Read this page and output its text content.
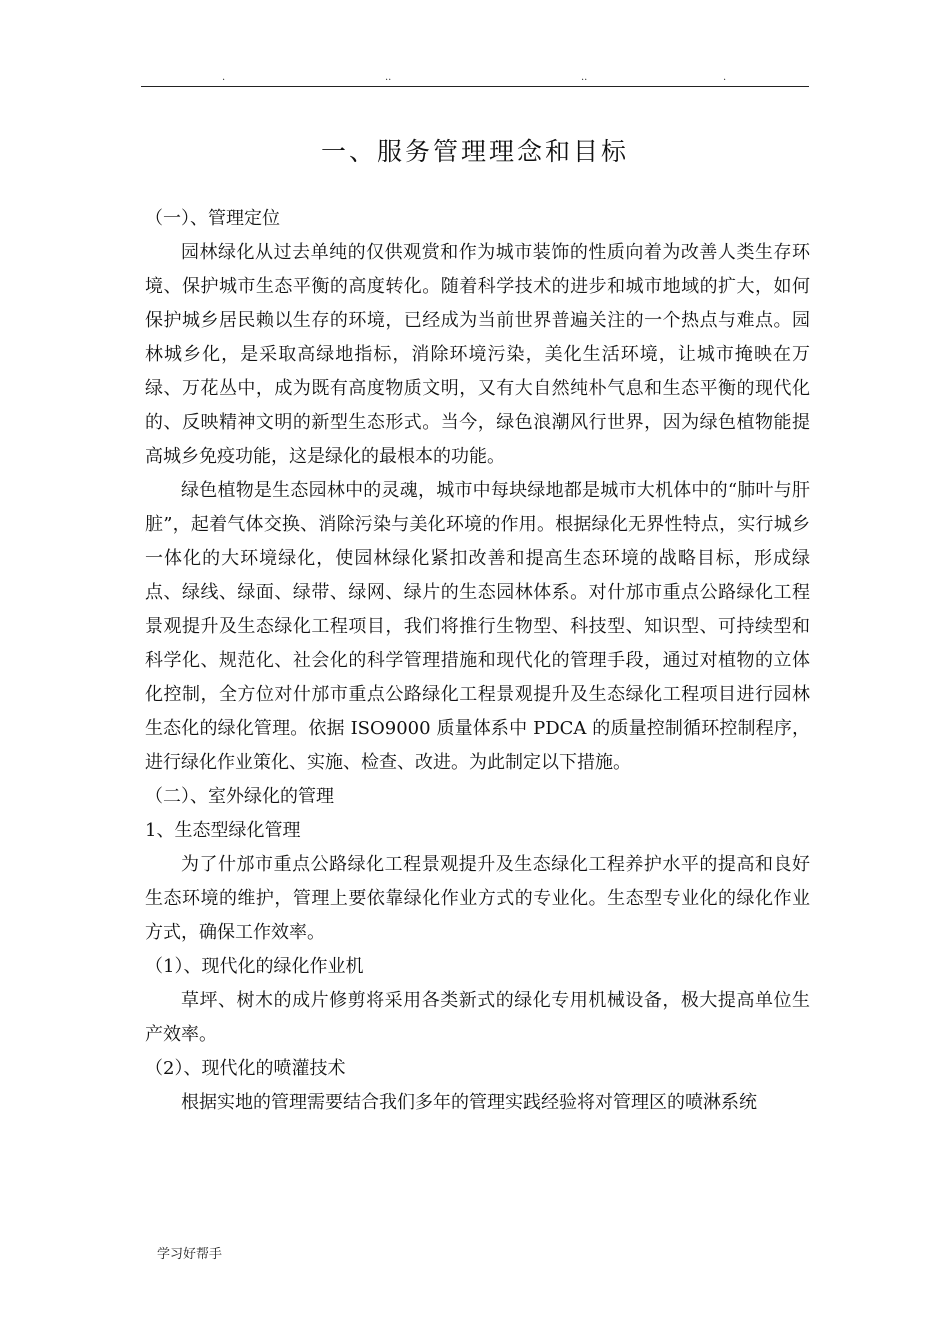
.	..	..	.
一、服务管理理念和目标

（一）、管理定位

园林绿化从过去单纯的仅供观赏和作为城市装饰的性质向着为改善人类生存环境、保护城市生态平衡的高度转化。随着科学技术的进步和城市地域的扩大，如何保护城乡居民赖以生存的环境，已经成为当前世界普遍关注的一个热点与难点。园林城乡化，是采取高绿地指标，消除环境污染，美化生活环境，让城市掩映在万绿、万花丛中，成为既有高度物质文明，又有大自然纯朴气息和生态平衡的现代化的、反映精神文明的新型生态形式。当今，绿色浪潮风行世界，因为绿色植物能提高城乡免疫功能，这是绿化的最根本的功能。

绿色植物是生态园林中的灵魂，城市中每块绿地都是城市大机体中的“肺叶与肝脏”，起着气体交换、消除污染与美化环境的作用。根据绿化无界性特点，实行城乡一体化的大环境绿化，使园林绿化紧扣改善和提高生态环境的战略目标，形成绿点、绿线、绿面、绿带、绿网、绿片的生态园林体系。对什邡市重点公路绿化工程景观提升及生态绿化工程项目，我们将推行生物型、科技型、知识型、可持续型和科学化、规范化、社会化的科学管理措施和现代化的管理手段，通过对植物的立体化控制，全方位对什邡市重点公路绿化工程景观提升及生态绿化工程项目进行园林生态化的绿化管理。依据 ISO9000 质量体系中 PDCA 的质量控制循环控制程序，进行绿化作业策化、实施、检查、改进。为此制定以下措施。

（二）、室外绿化的管理

1、生态型绿化管理

为了什邡市重点公路绿化工程景观提升及生态绿化工程养护水平的提高和良好生态环境的维护，管理上要依靠绿化作业方式的专业化。生态型专业化的绿化作业方式，确保工作效率。

（1）、现代化的绿化作业机

草坪、树木的成片修剪将采用各类新式的绿化专用机械设备，极大提高单位生产效率。

（2）、现代化的喷灌技术

根据实地的管理需要结合我们多年的管理实践经验将对管理区的喷淋系统

学习好帮手
